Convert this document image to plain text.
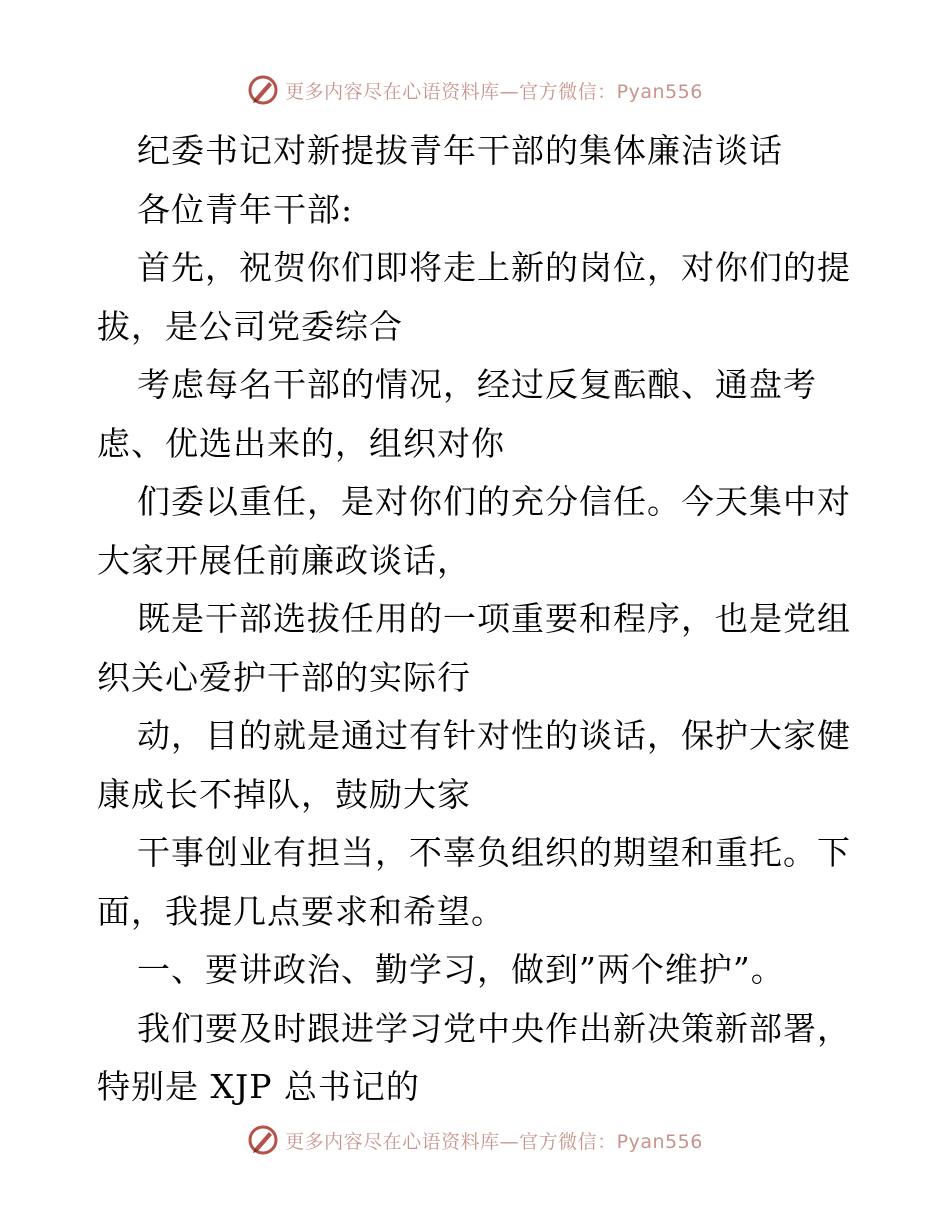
更多内容尽在心语资料库—官方微信：Pyan556
纪委书记对新提拔青年干部的集体廉洁谈话
各位青年干部:
首先，祝贺你们即将走上新的岗位，对你们的提
拔，是公司党委综合
考虑每名干部的情况，经过反复酝酿、通盘考
虑、优选出来的，组织对你
们委以重任，是对你们的充分信任。今天集中对
大家开展任前廉政谈话，
既是干部选拔任用的一项重要和程序，也是党组
织关心爱护干部的实际行
动，目的就是通过有针对性的谈话，保护大家健
康成长不掉队，鼓励大家
干事创业有担当，不辜负组织的期望和重托。下
面，我提几点要求和希望。
一、要讲政治、勤学习，做到”两个维护”。
我们要及时跟进学习党中央作出新决策新部署，
特别是 XJP 总书记的
更多内容尽在心语资料库—官方微信：Pyan556
